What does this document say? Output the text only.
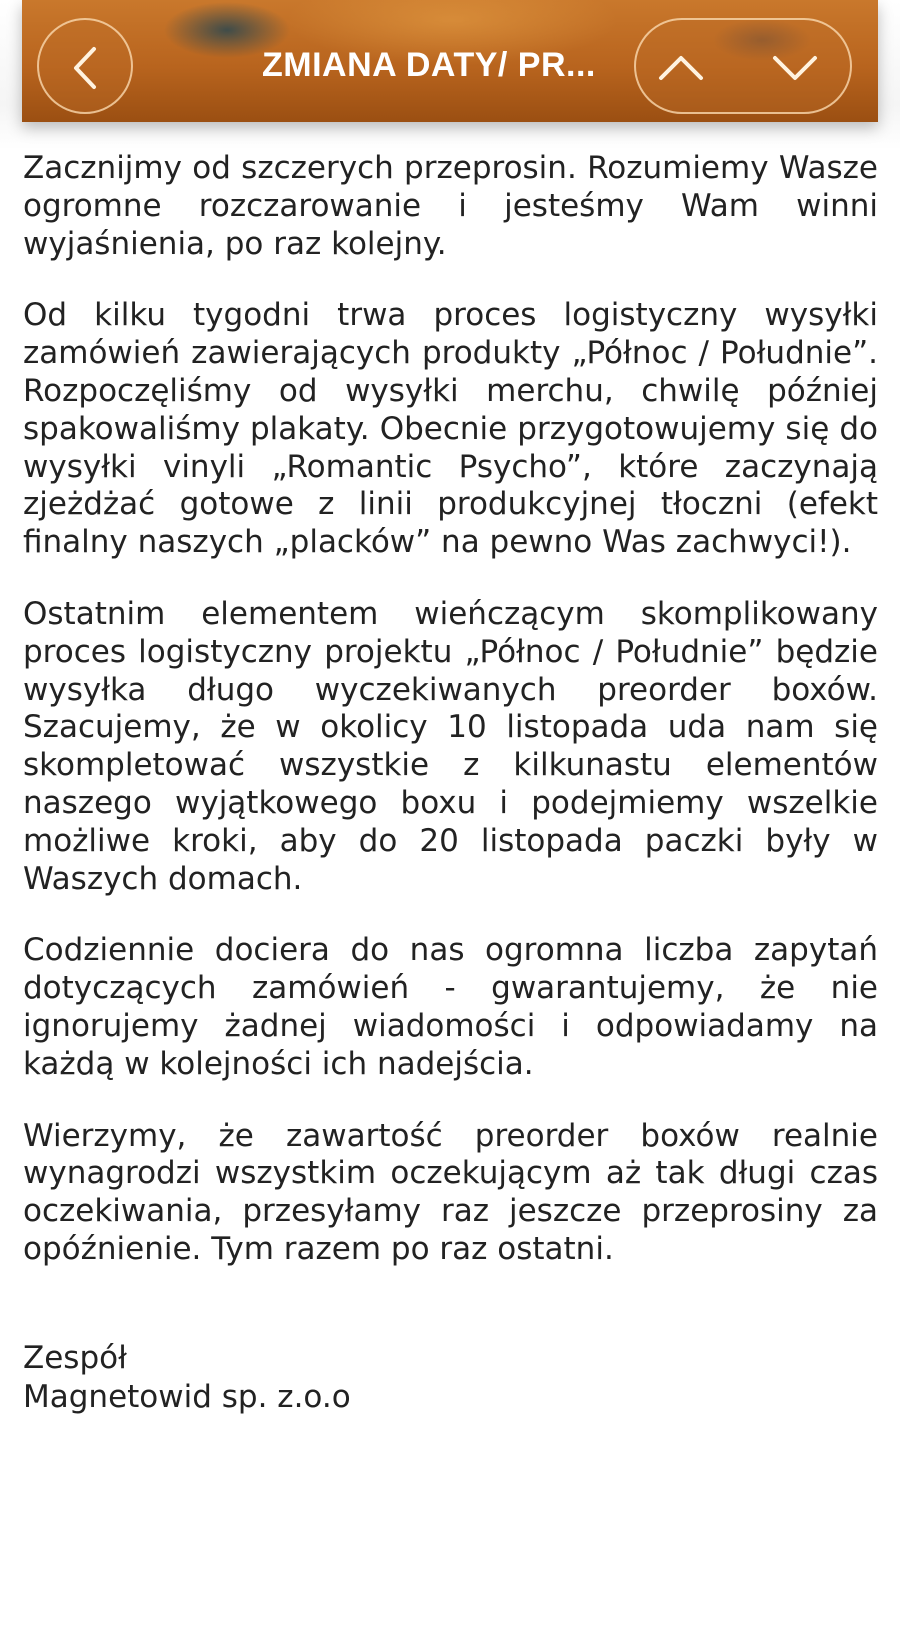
ZMIANA DATY/ PR...

Zacznijmy od szczerych przeprosin. Rozumiemy Wasze ogromne rozczarowanie i jesteśmy Wam winni wyjaśnienia, po raz kolejny.

Od kilku tygodni trwa proces logistyczny wysyłki zamówień zawierających produkty „Północ / Południe”. Rozpoczęliśmy od wysyłki merchu, chwilę później spakowaliśmy plakaty. Obecnie przygotowujemy się do wysyłki vinyli „Romantic Psycho”, które zaczynają zjeżdżać gotowe z linii produkcyjnej tłoczni (efekt finalny naszych „placków” na pewno Was zachwyci!).

Ostatnim elementem wieńczącym skomplikowany proces logistyczny projektu „Północ / Południe” będzie wysyłka długo wyczekiwanych preorder boxów. Szacujemy, że w okolicy 10 listopada uda nam się skompletować wszystkie z kilkunastu elementów naszego wyjątkowego boxu i podejmiemy wszelkie możliwe kroki, aby do 20 listopada paczki były w Waszych domach.

Codziennie dociera do nas ogromna liczba zapytań dotyczących zamówień - gwarantujemy, że nie ignorujemy żadnej wiadomości i odpowiadamy na każdą w kolejności ich nadejścia.

Wierzymy, że zawartość preorder boxów realnie wynagrodzi wszystkim oczekującym aż tak długi czas oczekiwania, przesyłamy raz jeszcze przeprosiny za opóźnienie. Tym razem po raz ostatni.

Zespół
Magnetowid sp. z.o.o
